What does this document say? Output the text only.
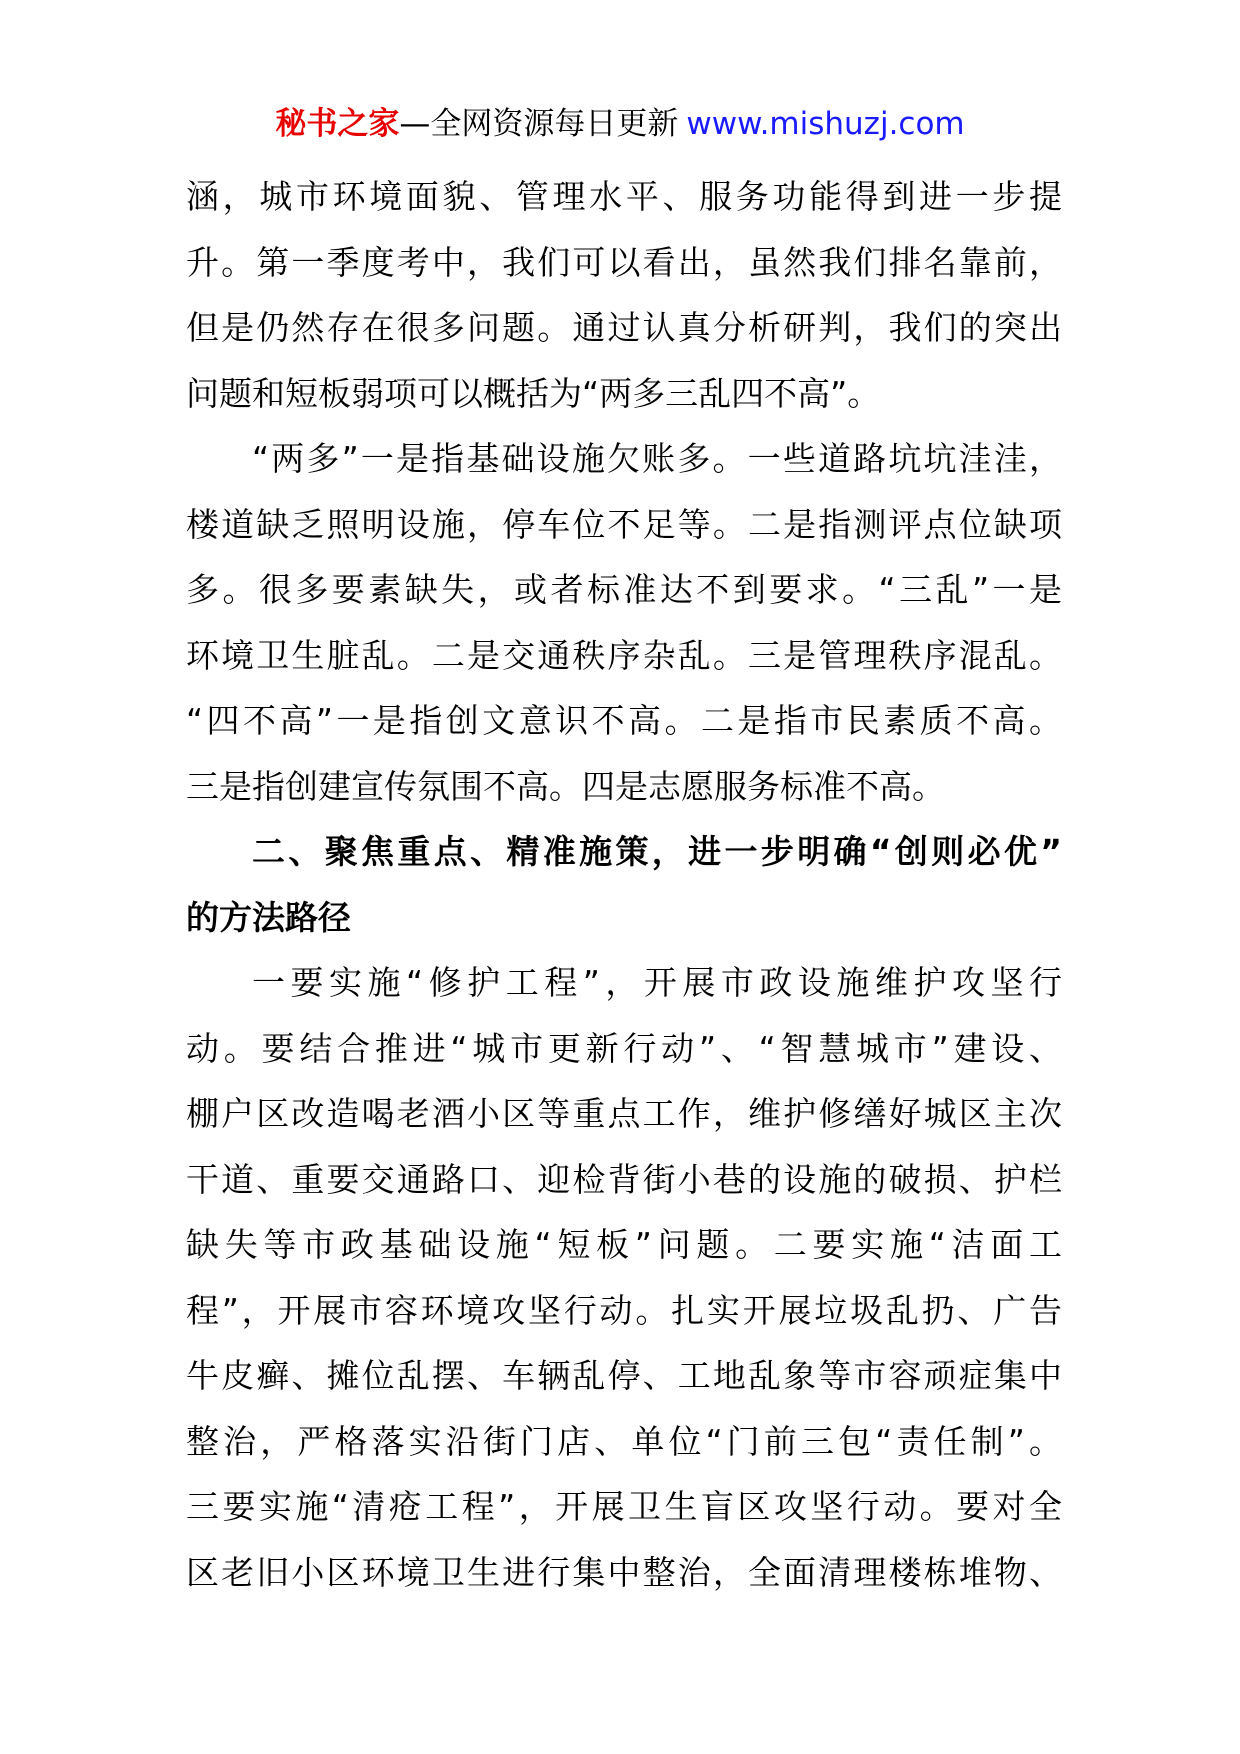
秘书之家—全网资源每日更新 www.mishuzj.com
涵，城市环境面貌、管理水平、服务功能得到进一步提
升。第一季度考中，我们可以看出，虽然我们排名靠前，
但是仍然存在很多问题。通过认真分析研判，我们的突出
问题和短板弱项可以概括为“两多三乱四不高”。
“两多”一是指基础设施欠账多。一些道路坑坑洼洼，
楼道缺乏照明设施，停车位不足等。二是指测评点位缺项
多。很多要素缺失，或者标准达不到要求。“三乱”一是
环境卫生脏乱。二是交通秩序杂乱。三是管理秩序混乱。
“四不高”一是指创文意识不高。二是指市民素质不高。
三是指创建宣传氛围不高。四是志愿服务标准不高。
二、聚焦重点、精准施策，进一步明确“创则必优”
的方法路径
一要实施“修护工程”，开展市政设施维护攻坚行
动。要结合推进“城市更新行动”、“智慧城市”建设、
棚户区改造喝老酒小区等重点工作，维护修缮好城区主次
干道、重要交通路口、迎检背街小巷的设施的破损、护栏
缺失等市政基础设施“短板”问题。二要实施“洁面工
程”，开展市容环境攻坚行动。扎实开展垃圾乱扔、广告
牛皮癣、摊位乱摆、车辆乱停、工地乱象等市容顽症集中
整治，严格落实沿街门店、单位“门前三包“责任制”。
三要实施“清疮工程”，开展卫生盲区攻坚行动。要对全
区老旧小区环境卫生进行集中整治，全面清理楼栋堆物、
